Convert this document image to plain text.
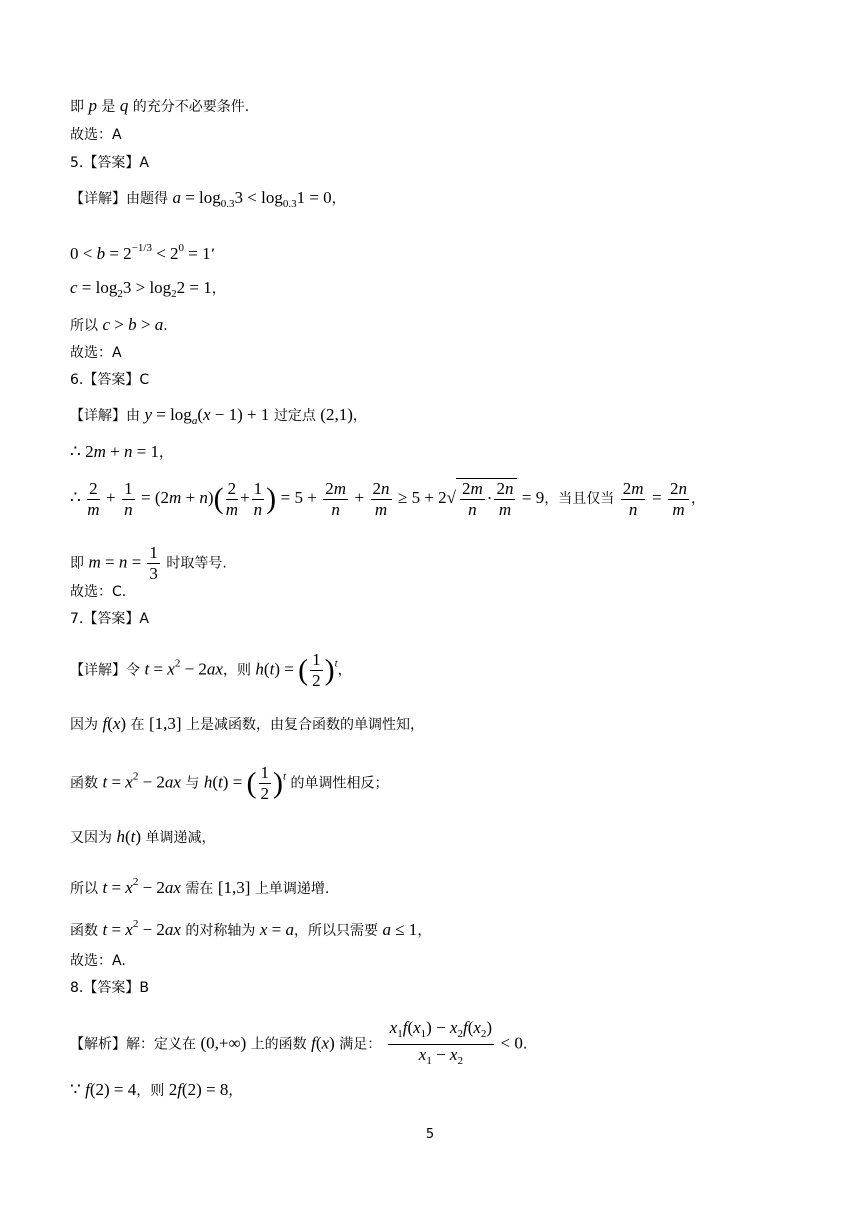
即 p 是 q 的充分不必要条件.
故选：A
5.【答案】A
【详解】由题得 $a = \log_{0.3}3 < \log_{0.3}1 = 0$，
$0 < b = 2^{-1/3} < 2^0 = 1$’
$c = \log_23 > \log_22 = 1$，
所以 c > b > a.
故选：A
6.【答案】C
【详解】由 $y = \log_a(x - 1) + 1$ 过定点 (2,1)，
∴ 2m + n = 1，
∴ $\frac{2}{m} + \frac{1}{n} = (2m + n)( \frac{2}{m} + \frac{1}{n}$ ) = $5 + \frac{2m}{n} + \frac{2n}{m} \ge 5 + 2√ \frac{2m}{n} \cdot \frac{2n}{m} = 9$，当且仅当 $\frac{2m}{n} = \frac{2n}{m}$ ，
即 $m = n = \frac{1}{3}$ 时取等号.
故选：C.
7.【答案】A
【详解】令 $t = x^2 - 2ax$，则 h(t) = ( $\frac{1}{2} )^t$，
因为 f(x) 在 [1,3] 上是减函数，由复合函数的单调性知，
函数 $t = x^2 - 2ax$ 与 h(t) = ( $\frac{1}{2} )^t$ 的单调性相反；
又因为 h(t) 单调递减，
所以 $t = x^2 - 2ax$ 需在 [1,3] 上单调递增.
函数 $t = x^2 - 2ax$ 的对称轴为 x = a，所以只需要 a ≤ 1，
故选：A.
8.【答案】B
【解析】解：定义在 (0,+∞) 上的函数 f(x) 满足： $\frac{x_1f(x_1) - x_2f(x_2)}{x_1 - x_2} < 0$.
∵ f(2) = 4，则 2f(2) = 8，
5
